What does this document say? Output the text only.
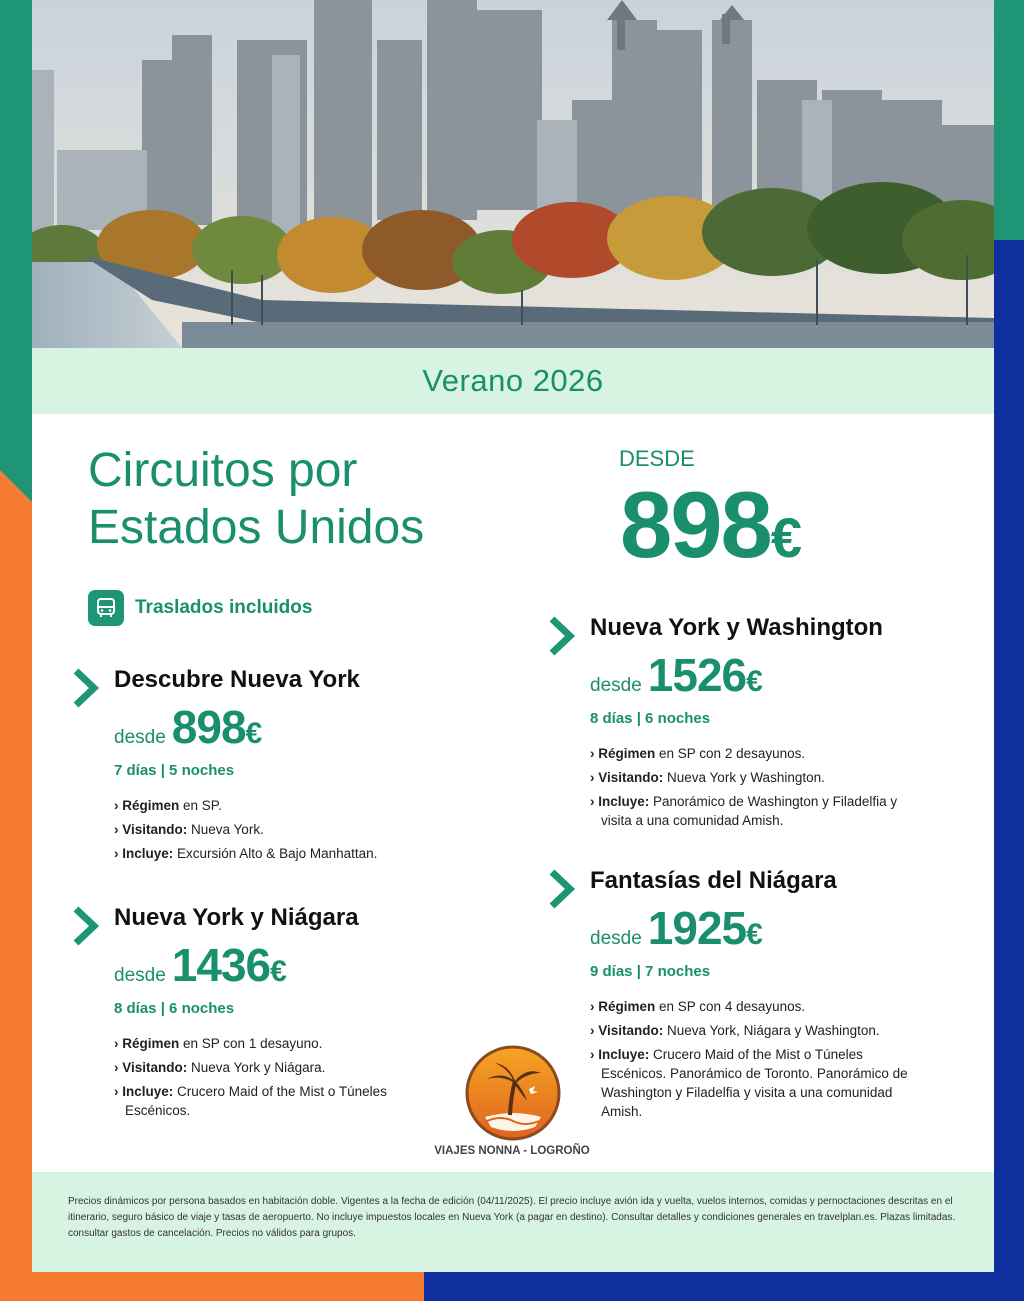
Verano 2026
Circuitos por
Estados Unidos
DESDE
898€
Traslados incluidos
Descubre Nueva York
desde 898€
7 días | 5 noches
› Régimen en SP.
› Visitando: Nueva York.
› Incluye: Excursión Alto & Bajo Manhattan.
Nueva York y Niágara
desde 1436€
8 días | 6 noches
› Régimen en SP con 1 desayuno.
› Visitando: Nueva York y Niágara.
› Incluye: Crucero Maid of the Mist o Túneles Escénicos.
Nueva York y Washington
desde 1526€
8 días | 6 noches
› Régimen en SP con 2 desayunos.
› Visitando: Nueva York y Washington.
› Incluye: Panorámico de Washington y Filadelfia y visita a una comunidad Amish.
Fantasías del Niágara
desde 1925€
9 días | 7 noches
› Régimen en SP con 4 desayunos.
› Visitando: Nueva York, Niágara y Washington.
› Incluye: Crucero Maid of the Mist o Túneles Escénicos. Panorámico de Toronto. Panorámico de Washington y Filadelfia y visita a una comunidad Amish.
VIAJES NONNA - LOGROÑO

Precios dinámicos por persona basados en habitación doble. Vigentes a la fecha de edición (04/11/2025). El precio incluye avión ida y vuelta, vuelos internos, comidas y pernoctaciones descritas en el itinerario, seguro básico de viaje y tasas de aeropuerto. No incluye impuestos locales en Nueva York (a pagar en destino). Consultar detalles y condiciones generales en travelplan.es. Plazas limitadas. consultar gastos de cancelación. Precios no válidos para grupos.
